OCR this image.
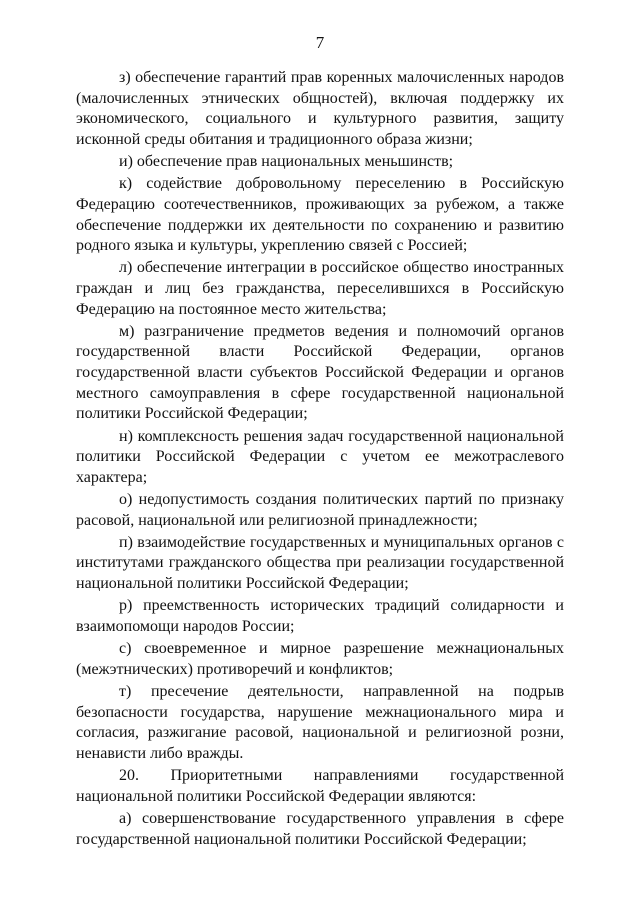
7

з) обеспечение гарантий прав коренных малочисленных народов (малочисленных этнических общностей), включая поддержку их экономического, социального и культурного развития, защиту исконной среды обитания и традиционного образа жизни;

и) обеспечение прав национальных меньшинств;

к) содействие добровольному переселению в Российскую Федерацию соотечественников, проживающих за рубежом, а также обеспечение поддержки их деятельности по сохранению и развитию родного языка и культуры, укреплению связей с Россией;

л) обеспечение интеграции в российское общество иностранных граждан и лиц без гражданства, переселившихся в Российскую Федерацию на постоянное место жительства;

м) разграничение предметов ведения и полномочий органов государственной власти Российской Федерации, органов государственной власти субъектов Российской Федерации и органов местного самоуправления в сфере государственной национальной политики Российской Федерации;

н) комплексность решения задач государственной национальной политики Российской Федерации с учетом ее межотраслевого характера;

о) недопустимость создания политических партий по признаку расовой, национальной или религиозной принадлежности;

п) взаимодействие государственных и муниципальных органов с институтами гражданского общества при реализации государственной национальной политики Российской Федерации;

р) преемственность исторических традиций солидарности и взаимопомощи народов России;

с) своевременное и мирное разрешение межнациональных (межэтнических) противоречий и конфликтов;

т) пресечение деятельности, направленной на подрыв безопасности государства, нарушение межнационального мира и согласия, разжигание расовой, национальной и религиозной розни, ненависти либо вражды.

20. Приоритетными направлениями государственной национальной политики Российской Федерации являются:

а) совершенствование государственного управления в сфере государственной национальной политики Российской Федерации;
